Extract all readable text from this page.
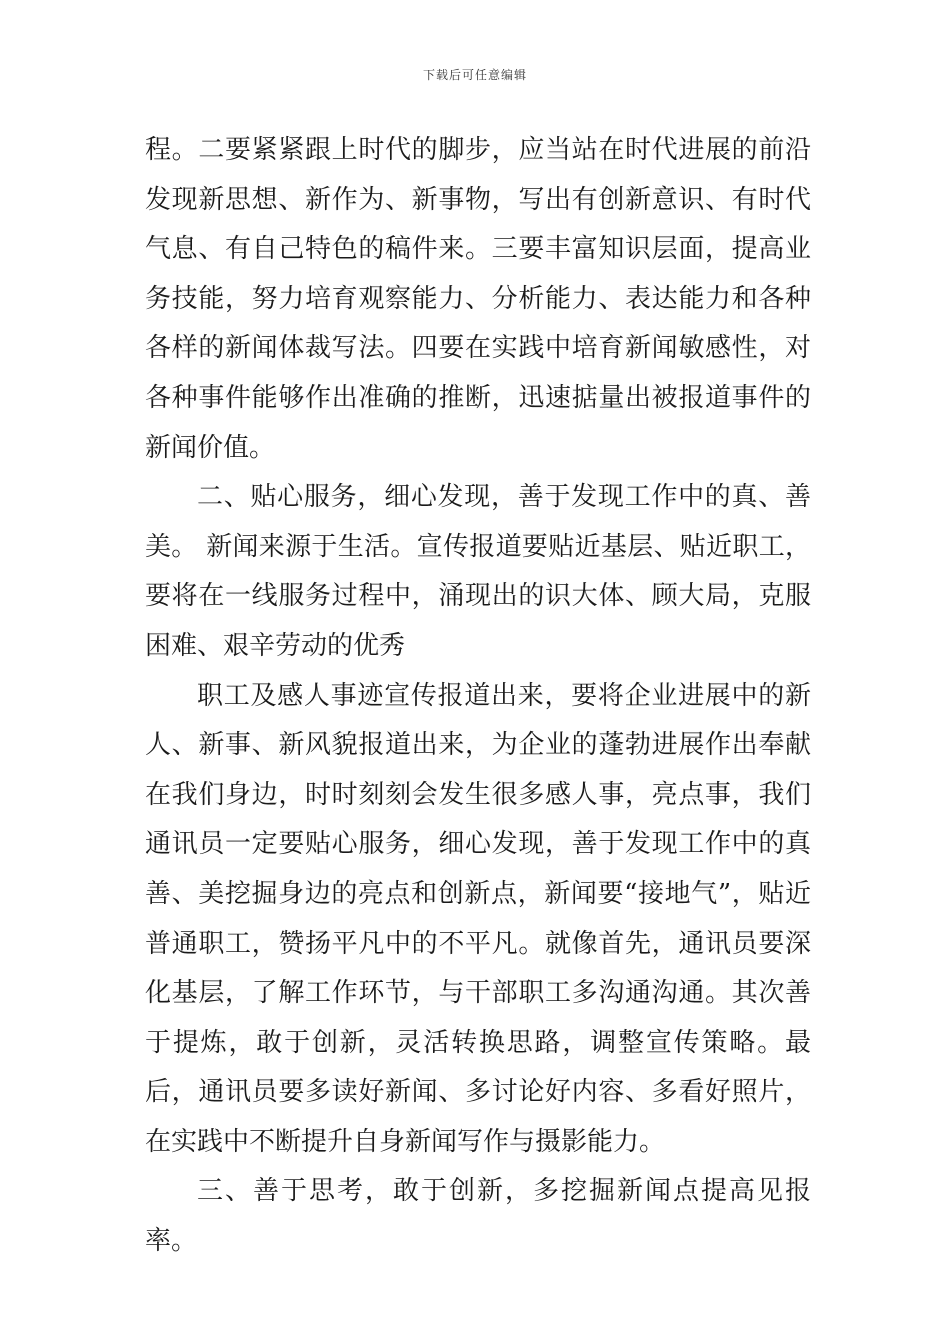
下载后可任意编辑

程。二要紧紧跟上时代的脚步，应当站在时代进展的前沿发现新思想、新作为、新事物，写出有创新意识、有时代气息、有自己特色的稿件来。三要丰富知识层面，提高业务技能，努力培育观察能力、分析能力、表达能力和各种各样的新闻体裁写法。四要在实践中培育新闻敏感性，对各种事件能够作出准确的推断，迅速掂量出被报道事件的新闻价值。

二、贴心服务，细心发现，善于发现工作中的真、善美。 新闻来源于生活。宣传报道要贴近基层、贴近职工，要将在一线服务过程中，涌现出的识大体、顾大局，克服困难、艰辛劳动的优秀

职工及感人事迹宣传报道出来，要将企业进展中的新人、新事、新风貌报道出来，为企业的蓬勃进展作出奉献在我们身边，时时刻刻会发生很多感人事，亮点事，我们通讯员一定要贴心服务，细心发现，善于发现工作中的真善、美挖掘身边的亮点和创新点，新闻要“接地气”，贴近普通职工，赞扬平凡中的不平凡。就像首先，通讯员要深化基层，了解工作环节，与干部职工多沟通沟通。其次善于提炼，敢于创新，灵活转换思路，调整宣传策略。最后，通讯员要多读好新闻、多讨论好内容、多看好照片，在实践中不断提升自身新闻写作与摄影能力。

三、善于思考，敢于创新，多挖掘新闻点提高见报率。
